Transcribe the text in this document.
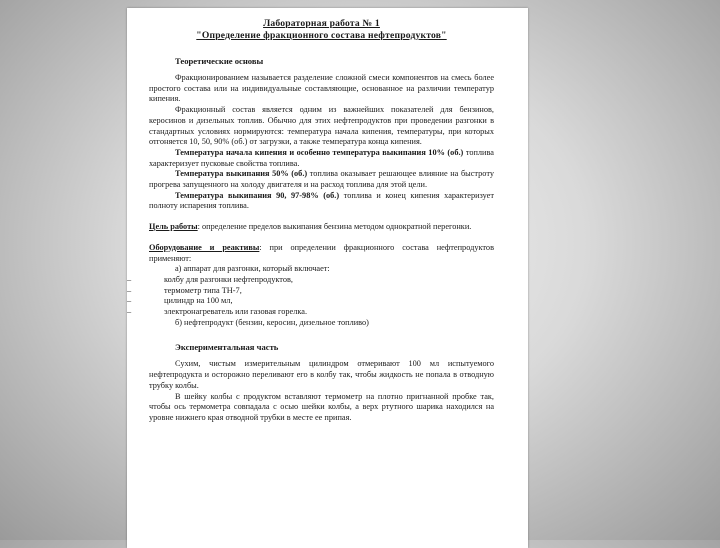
Лабораторная работа № 1
"Определение фракционного состава нефтепродуктов"
Теоретические основы

Фракционированием называется разделение сложной смеси компонентов на смесь более простого состава или на индивидуальные составляющие, основанное на различии температур кипения.

Фракционный состав является одним из важнейших показателей для бензинов, керосинов и дизельных топлив. Обычно для этих нефтепродуктов при проведении разгонки в стандартных условиях нормируются: температура начала кипения, температуры, при которых отгоняется 10, 50, 90% (об.) от загрузки, а также температура конца кипения.

Температура начала кипения и особенно температура выкипания 10% (об.) топлива характеризует пусковые свойства топлива.

Температура выкипания 50% (об.) топлива оказывает решающее влияние на быстроту прогрева запущенного на холоду двигателя и на расход топлива для этой цели.

Температура выкипания 90, 97-98% (об.) топлива и конец кипения характеризует полноту испарения топлива.

Цель работы: определение пределов выкипания бензина методом однократной перегонки.

Оборудование и реактивы: при определении фракционного состава нефтепродуктов применяют:

а) аппарат для разгонки, который включает:

– колбу для разгонки нефтепродуктов,
– термометр типа ТН-7,
– цилиндр на 100 мл,
– электронагреватель или газовая горелка.

б) нефтепродукт (бензин, керосин, дизельное топливо)

Экспериментальная часть

Сухим, чистым измерительным цилиндром отмеривают 100 мл испытуемого нефтепродукта и осторожно переливают его в колбу так, чтобы жидкость не попала в отводную трубку колбы.

В шейку колбы с продуктом вставляют термометр на плотно пригнанной пробке так, чтобы ось термометра совпадала с осью шейки колбы, а верх ртутного шарика находился на уровне нижнего края отводной трубки в месте ее припая.
